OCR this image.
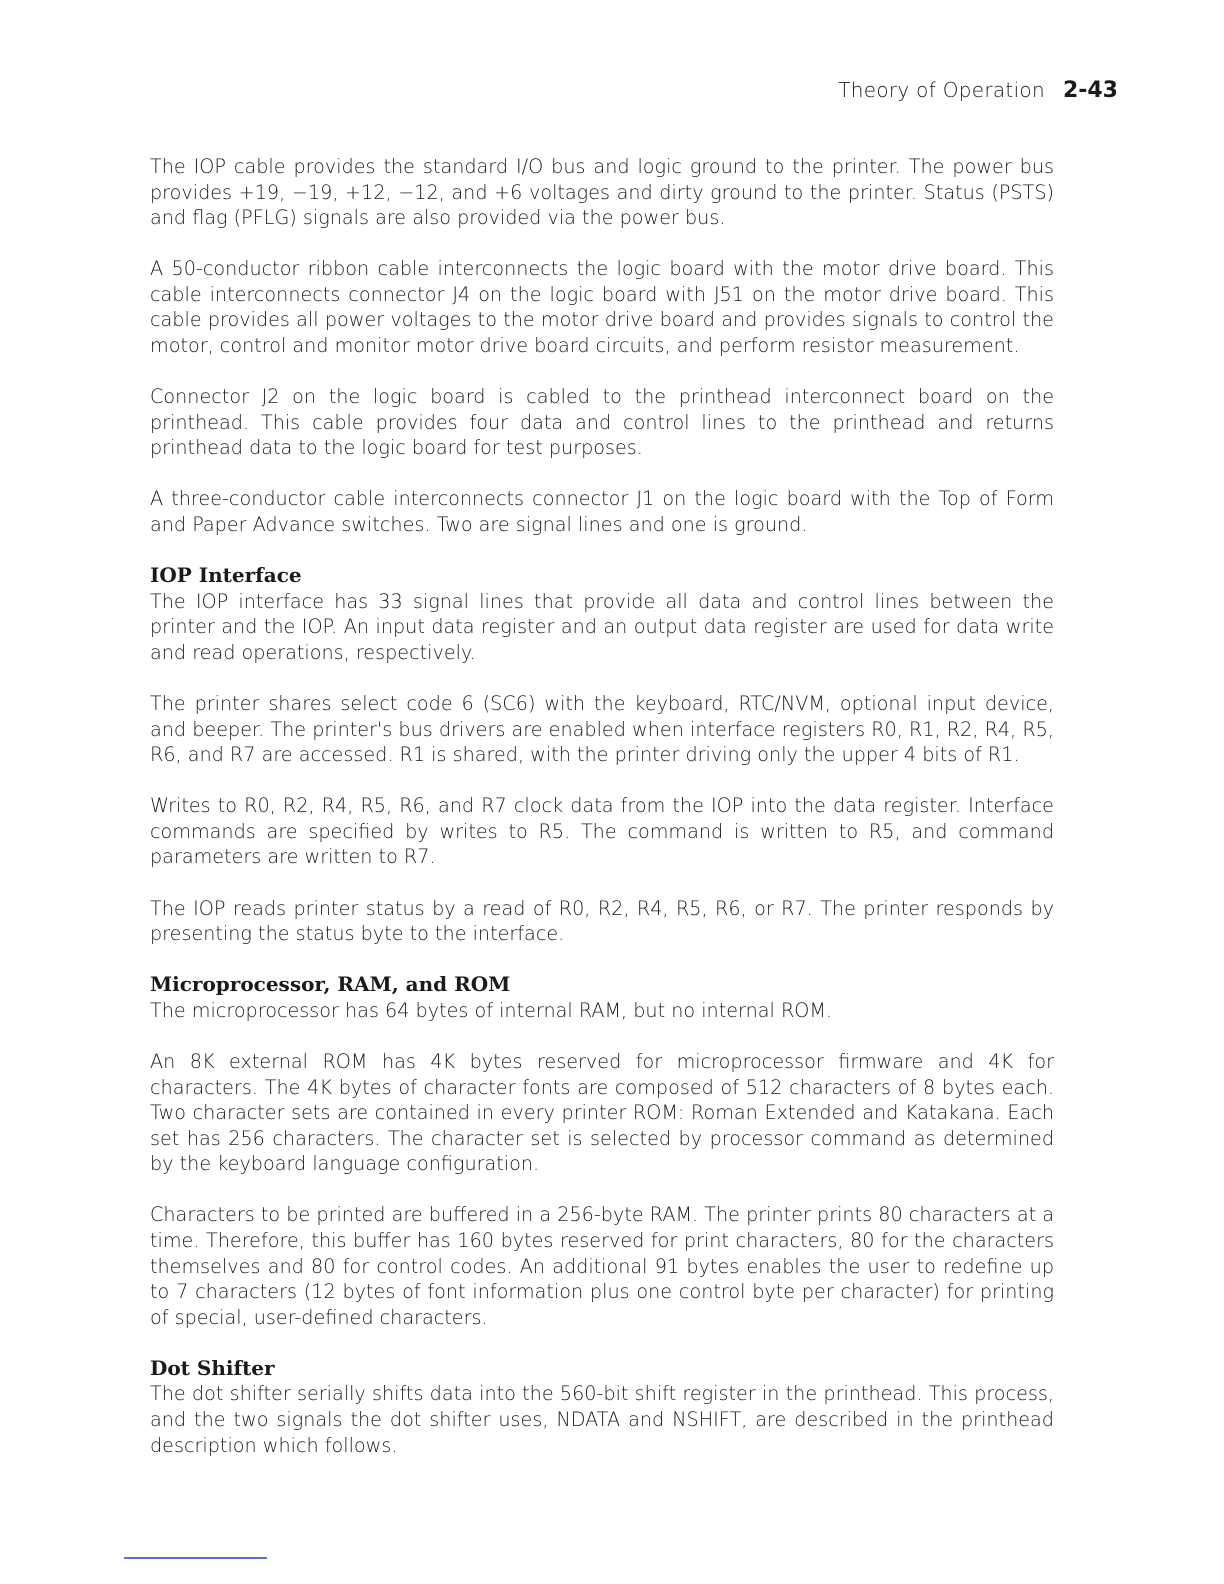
Theory of Operation 2-43

The IOP cable provides the standard I/O bus and logic ground to the printer. The power bus provides +19, −19, +12, −12, and +6 voltages and dirty ground to the printer. Status (PSTS) and flag (PFLG) signals are also provided via the power bus.

A 50-conductor ribbon cable interconnects the logic board with the motor drive board. This cable interconnects connector J4 on the logic board with J51 on the motor drive board. This cable provides all power voltages to the motor drive board and provides signals to control the motor, control and monitor motor drive board circuits, and perform resistor measurement.

Connector J2 on the logic board is cabled to the printhead interconnect board on the printhead. This cable provides four data and control lines to the printhead and returns printhead data to the logic board for test purposes.

A three-conductor cable interconnects connector J1 on the logic board with the Top of Form and Paper Advance switches. Two are signal lines and one is ground.

IOP Interface

The IOP interface has 33 signal lines that provide all data and control lines between the printer and the IOP. An input data register and an output data register are used for data write and read operations, respectively.

The printer shares select code 6 (SC6) with the keyboard, RTC/NVM, optional input device, and beeper. The printer's bus drivers are enabled when interface registers R0, R1, R2, R4, R5, R6, and R7 are accessed. R1 is shared, with the printer driving only the upper 4 bits of R1.

Writes to R0, R2, R4, R5, R6, and R7 clock data from the IOP into the data register. Interface commands are specified by writes to R5. The command is written to R5, and command parameters are written to R7.

The IOP reads printer status by a read of R0, R2, R4, R5, R6, or R7. The printer responds by presenting the status byte to the interface.

Microprocessor, RAM, and ROM

The microprocessor has 64 bytes of internal RAM, but no internal ROM.

An 8K external ROM has 4K bytes reserved for microprocessor firmware and 4K for characters. The 4K bytes of character fonts are composed of 512 characters of 8 bytes each. Two character sets are contained in every printer ROM: Roman Extended and Katakana. Each set has 256 characters. The character set is selected by processor command as determined by the keyboard language configuration.

Characters to be printed are buffered in a 256-byte RAM. The printer prints 80 characters at a time. Therefore, this buffer has 160 bytes reserved for print characters, 80 for the characters themselves and 80 for control codes. An additional 91 bytes enables the user to redefine up to 7 characters (12 bytes of font information plus one control byte per character) for printing of special, user-defined characters.

Dot Shifter

The dot shifter serially shifts data into the 560-bit shift register in the printhead. This process, and the two signals the dot shifter uses, NDATA and NSHIFT, are described in the printhead description which follows.
